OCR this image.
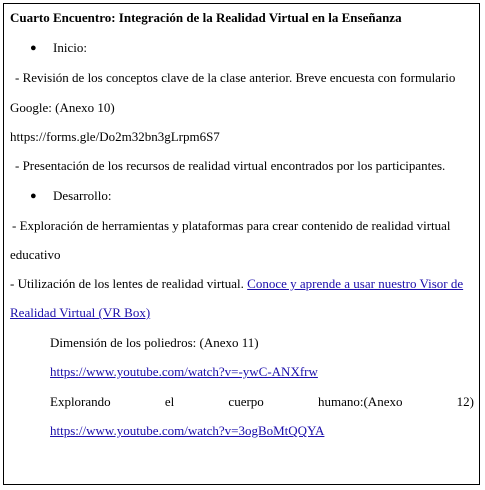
Cuarto Encuentro: Integración de la Realidad Virtual en la Enseñanza
● Inicio:
- Revisión de los conceptos clave de la clase anterior. Breve encuesta con formulario
Google: (Anexo 10)
https://forms.gle/Do2m32bn3gLrpm6S7
- Presentación de los recursos de realidad virtual encontrados por los participantes.
● Desarrollo:
- Exploración de herramientas y plataformas para crear contenido de realidad virtual
educativo
- Utilización de los lentes de realidad virtual. Conoce y aprende a usar nuestro Visor de
Realidad Virtual (VR Box)
Dimensión de los poliedros: (Anexo 11)
https://www.youtube.com/watch?v=-ywC-ANXfrw
Explorando	el	cuerpo	humano:(Anexo	12)
https://www.youtube.com/watch?v=3ogBoMtQQYA
